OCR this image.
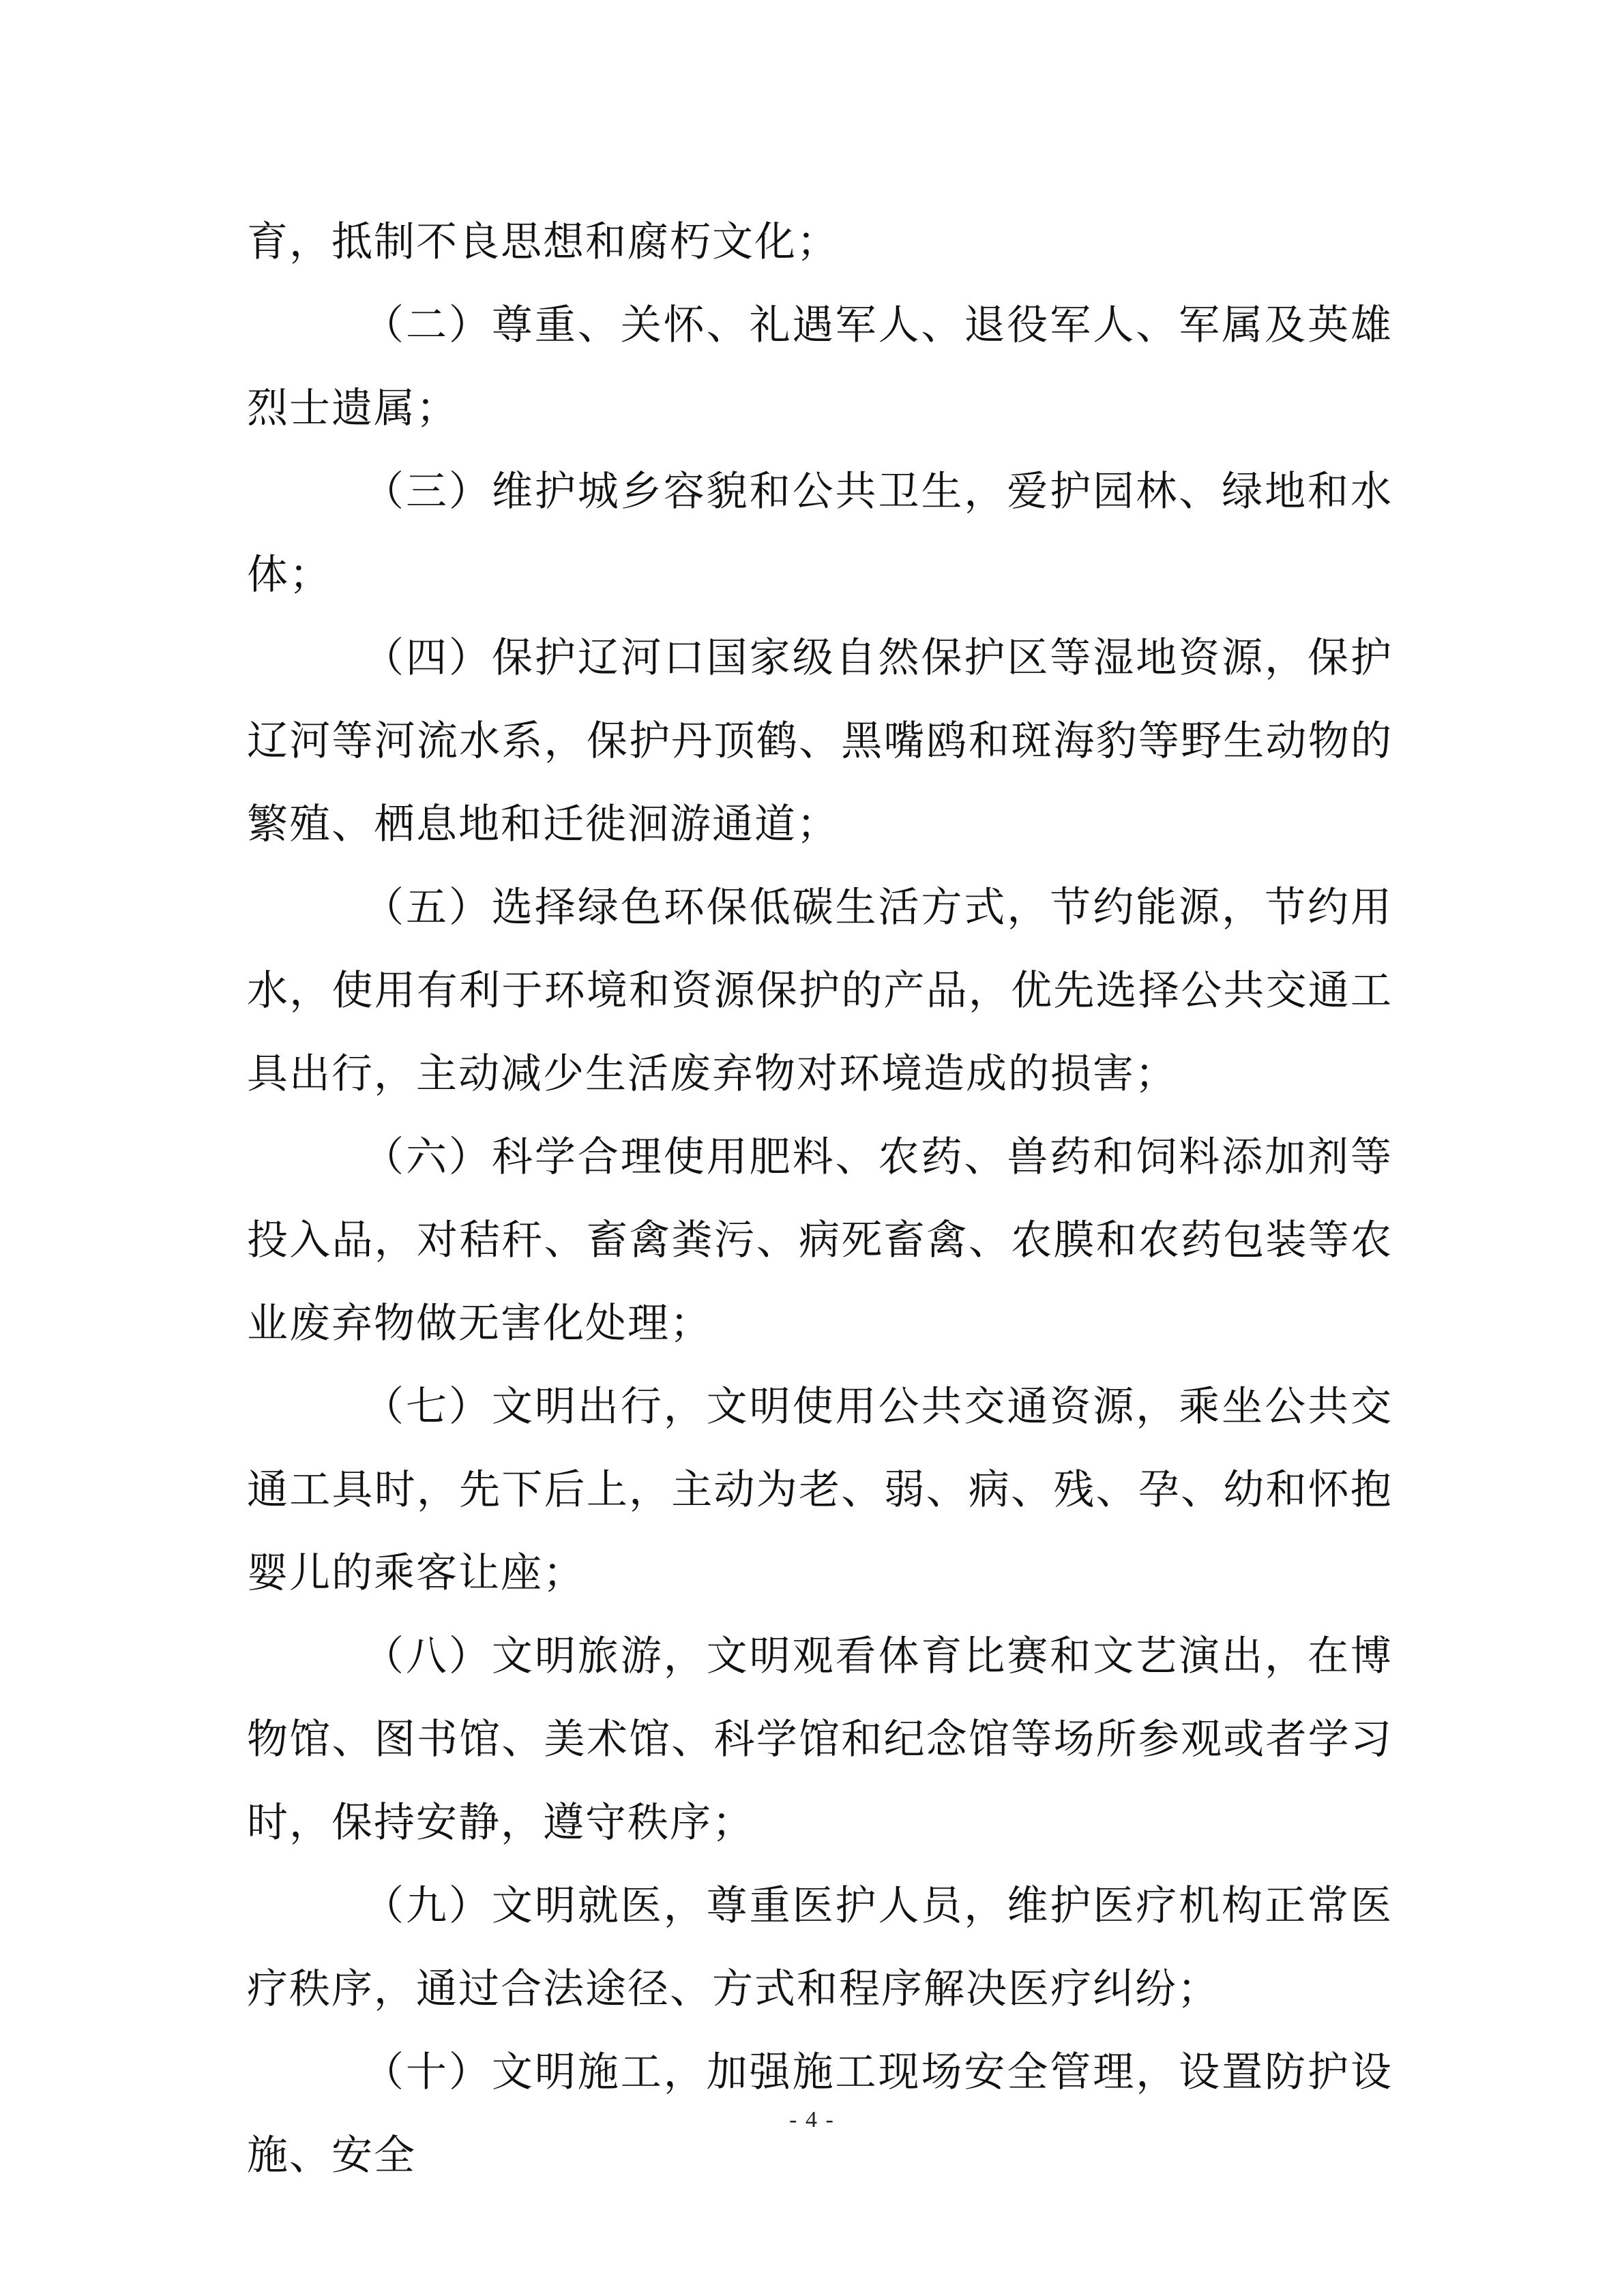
育，抵制不良思想和腐朽文化；

（二）尊重、关怀、礼遇军人、退役军人、军属及英雄烈士遗属；

（三）维护城乡容貌和公共卫生，爱护园林、绿地和水体；

（四）保护辽河口国家级自然保护区等湿地资源，保护辽河等河流水系，保护丹顶鹤、黑嘴鸥和斑海豹等野生动物的繁殖、栖息地和迁徙洄游通道；

（五）选择绿色环保低碳生活方式，节约能源，节约用水，使用有利于环境和资源保护的产品，优先选择公共交通工具出行，主动减少生活废弃物对环境造成的损害；

（六）科学合理使用肥料、农药、兽药和饲料添加剂等投入品，对秸秆、畜禽粪污、病死畜禽、农膜和农药包装等农业废弃物做无害化处理；

（七）文明出行，文明使用公共交通资源，乘坐公共交通工具时，先下后上，主动为老、弱、病、残、孕、幼和怀抱婴儿的乘客让座；

（八）文明旅游，文明观看体育比赛和文艺演出，在博物馆、图书馆、美术馆、科学馆和纪念馆等场所参观或者学习时，保持安静，遵守秩序；

（九）文明就医，尊重医护人员，维护医疗机构正常医疗秩序，通过合法途径、方式和程序解决医疗纠纷；

（十）文明施工，加强施工现场安全管理，设置防护设施、安全

- 4 -
